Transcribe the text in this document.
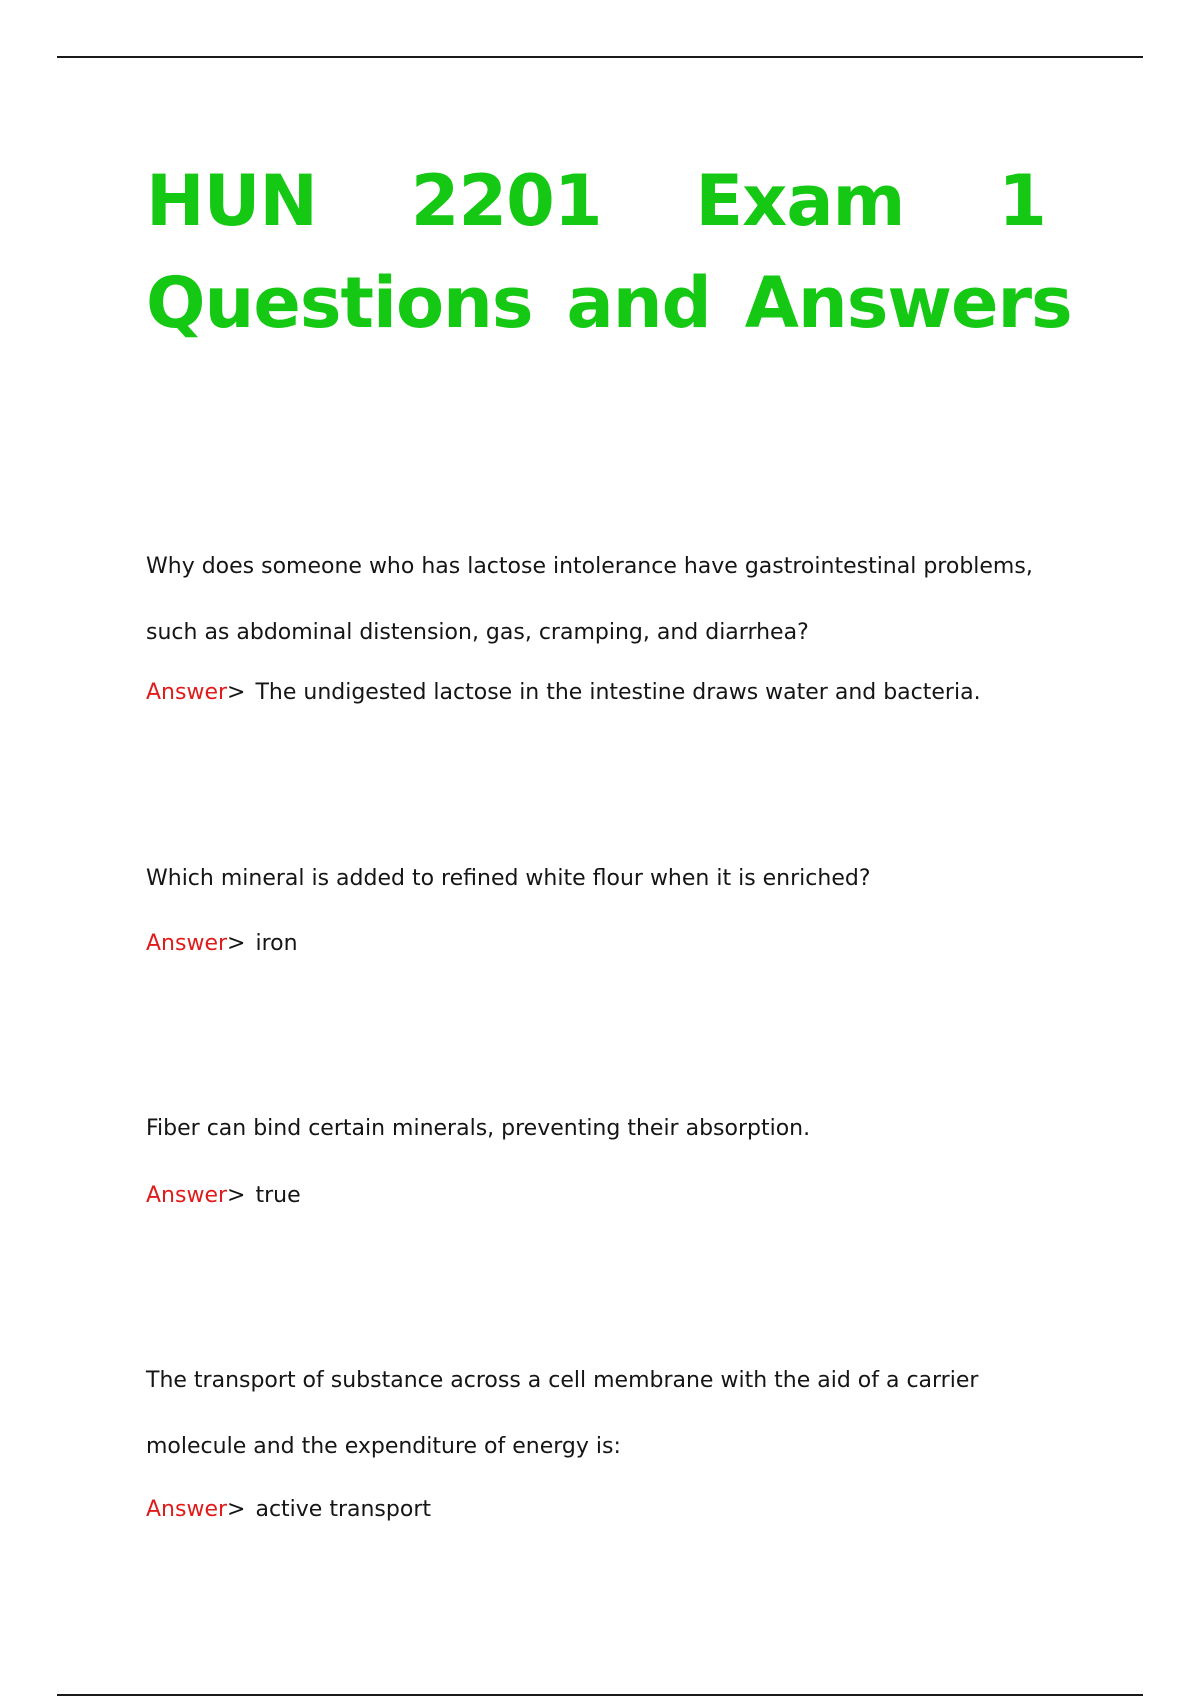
HUN 2201 Exam 1
Questions and Answers

Why does someone who has lactose intolerance have gastrointestinal problems,

such as abdominal distension, gas, cramping, and diarrhea?

Answer> The undigested lactose in the intestine draws water and bacteria.

Which mineral is added to refined white flour when it is enriched?

Answer> iron

Fiber can bind certain minerals, preventing their absorption.

Answer> true

The transport of substance across a cell membrane with the aid of a carrier

molecule and the expenditure of energy is:

Answer> active transport
